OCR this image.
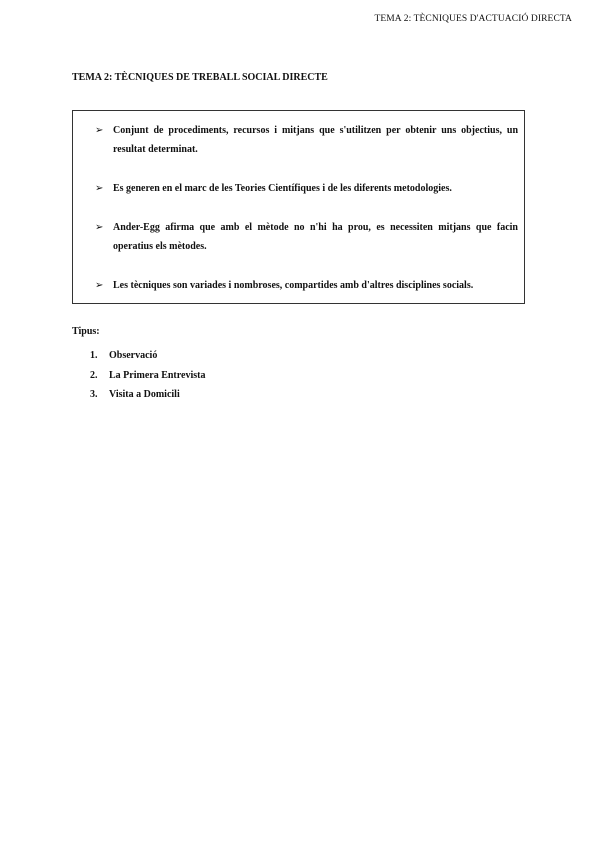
TEMA 2: TÈCNIQUES D'ACTUACIÓ DIRECTA
TEMA 2: TÈCNIQUES DE TREBALL SOCIAL DIRECTE
➢ Conjunt de procediments, recursos i mitjans que s'utilitzen per obtenir uns objectius, un resultat determinat.
➢ Es generen en el marc de les Teories Científiques i de les diferents metodologies.
➢ Ander-Egg afirma que amb el mètode no n'hi ha prou, es necessiten mitjans que facin operatius els mètodes.
➢ Les tècniques son variades i nombroses, compartides amb d'altres disciplines socials.
Tipus:
1.	Observació
2.	La Primera Entrevista
3.	Visita a Domicili
